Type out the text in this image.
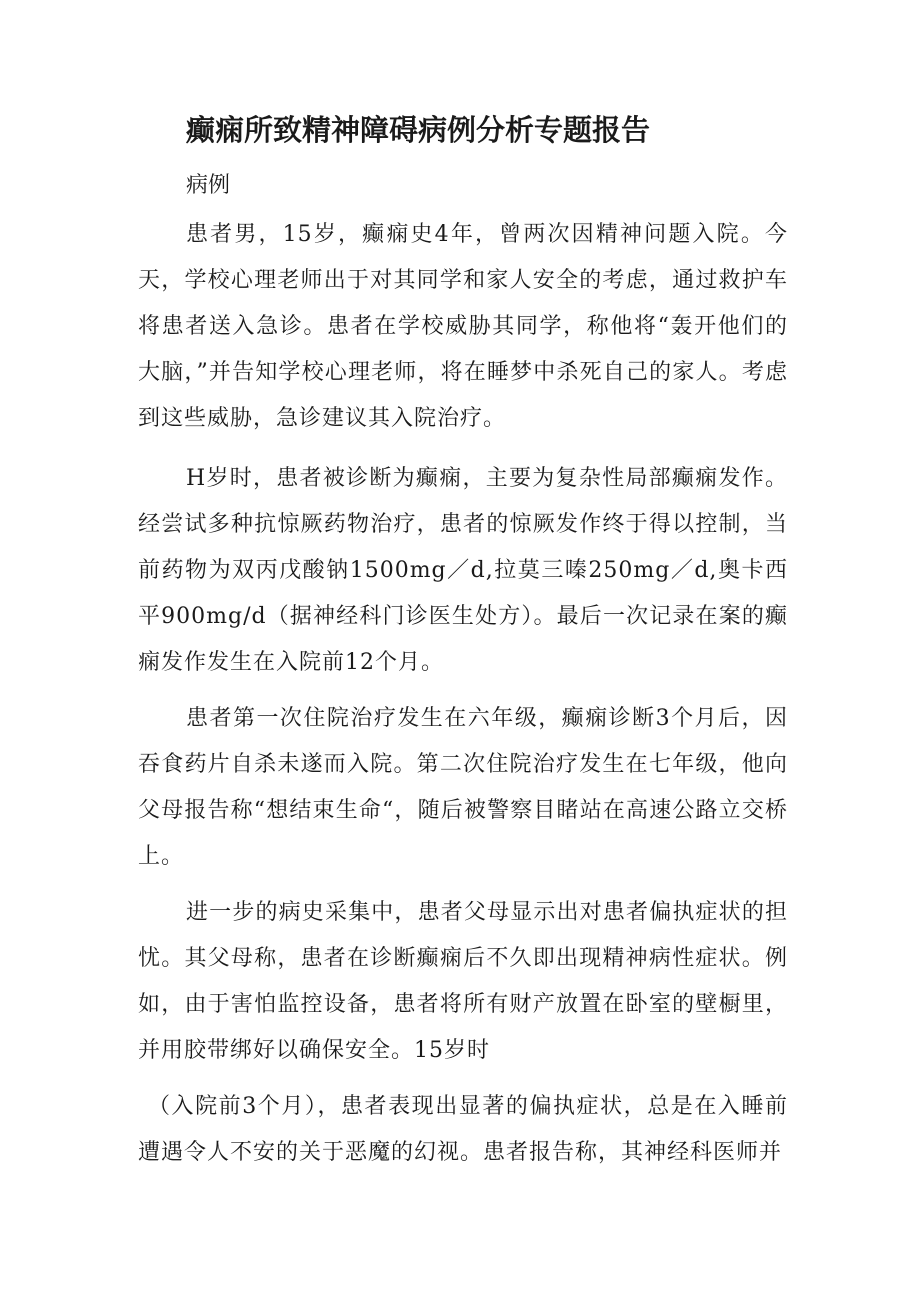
癫痫所致精神障碍病例分析专题报告

病例

患者男，15岁，癫痫史4年，曾两次因精神问题入院。今天，学校心理老师出于对其同学和家人安全的考虑，通过救护车将患者送入急诊。患者在学校威胁其同学，称他将“轰开他们的大脑，”并告知学校心理老师，将在睡梦中杀死自己的家人。考虑到这些威胁，急诊建议其入院治疗。

H岁时，患者被诊断为癫痫，主要为复杂性局部癫痫发作。经尝试多种抗惊厥药物治疗，患者的惊厥发作终于得以控制，当前药物为双丙戊酸钠1500mg／d,拉莫三嗪250mg／d,奥卡西平900mg/d（据神经科门诊医生处方）。最后一次记录在案的癫痫发作发生在入院前12个月。

患者第一次住院治疗发生在六年级，癫痫诊断3个月后，因吞食药片自杀未遂而入院。第二次住院治疗发生在七年级，他向父母报告称“想结束生命“，随后被警察目睹站在高速公路立交桥上。

进一步的病史采集中，患者父母显示出对患者偏执症状的担忧。其父母称，患者在诊断癫痫后不久即出现精神病性症状。例如，由于害怕监控设备，患者将所有财产放置在卧室的壁橱里，并用胶带绑好以确保安全。15岁时

（入院前3个月），患者表现出显著的偏执症状，总是在入睡前遭遇令人不安的关于恶魔的幻视。患者报告称，其神经科医师并
